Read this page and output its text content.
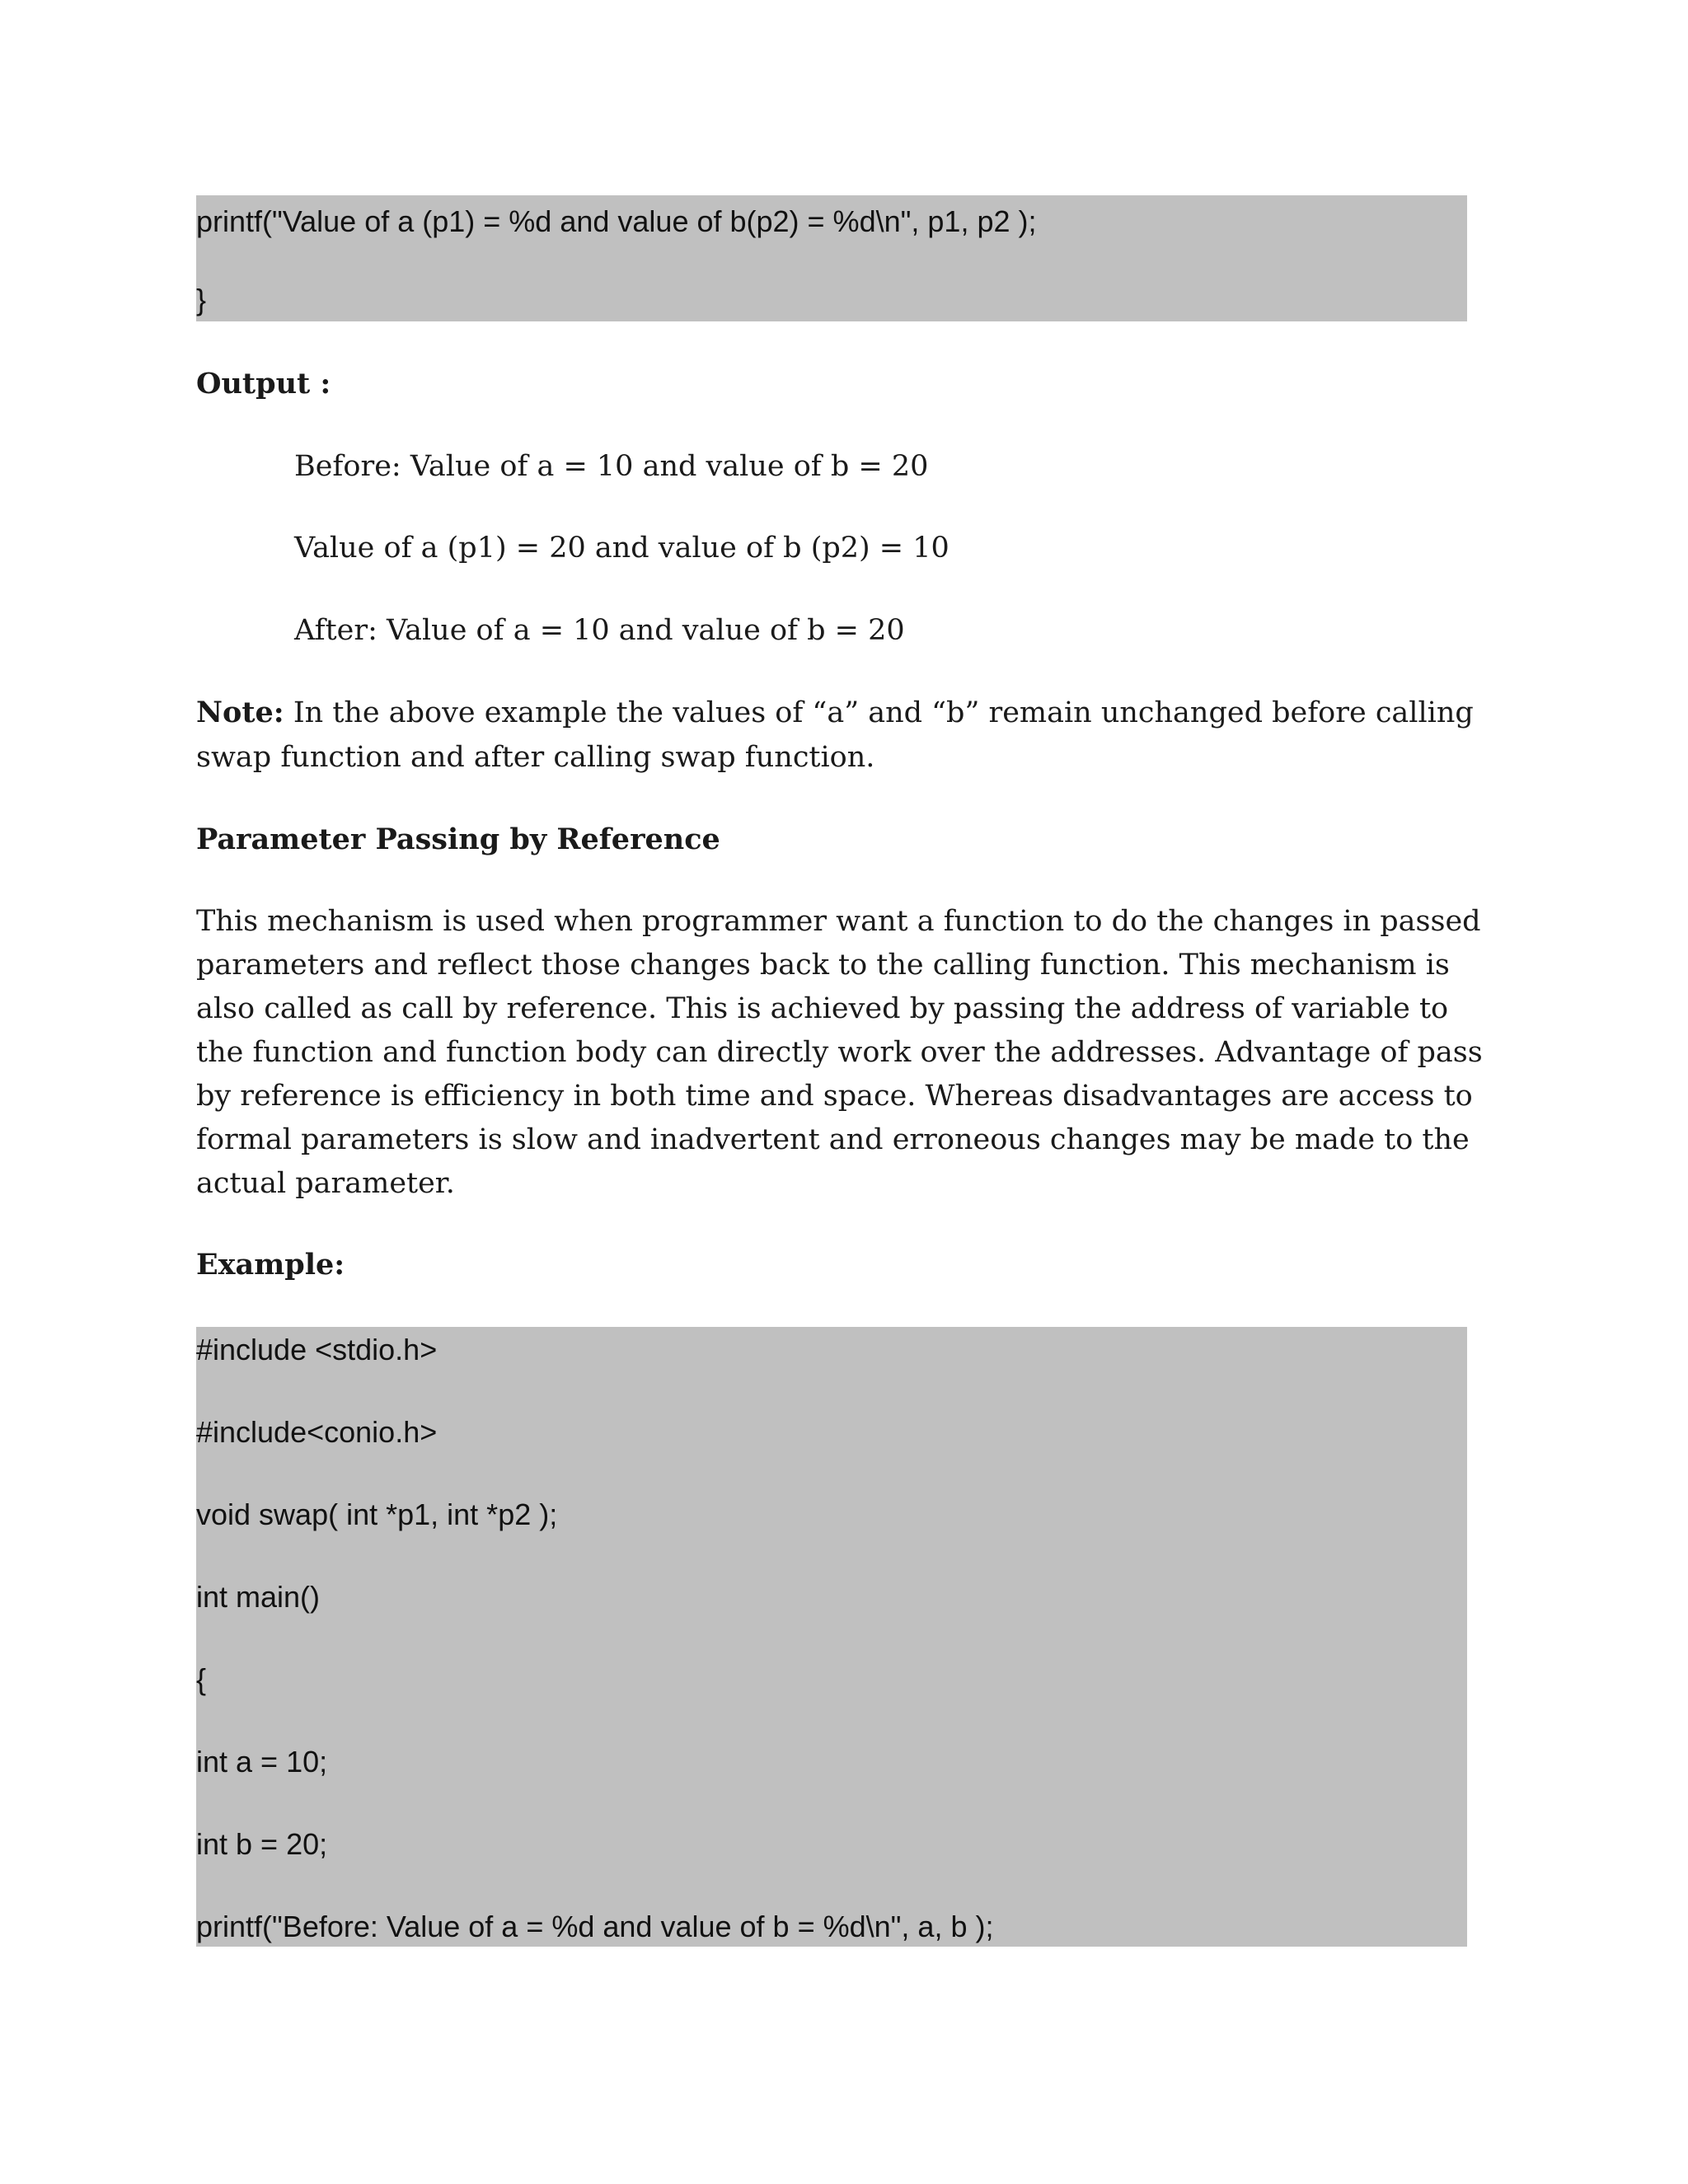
printf("Value of a (p1) = %d and value of b(p2) = %d\n", p1, p2 );
}
Output :
Before: Value of a = 10 and value of b = 20
Value of a (p1) = 20 and value of b (p2) = 10
After: Value of a = 10 and value of b = 20
Note: In the above example the values of “a” and “b” remain unchanged before calling
swap function and after calling swap function.
Parameter Passing by Reference
This mechanism is used when programmer want a function to do the changes in passed
parameters and reflect those changes back to the calling function. This mechanism is
also called as call by reference. This is achieved by passing the address of variable to
the function and function body can directly work over the addresses. Advantage of pass
by reference is efficiency in both time and space. Whereas disadvantages are access to
formal parameters is slow and inadvertent and erroneous changes may be made to the
actual parameter.
Example:
#include <stdio.h>
#include<conio.h>
void swap( int *p1, int *p2 );
int main()
{
int a = 10;
int b = 20;
printf("Before: Value of a = %d and value of b = %d\n", a, b );
